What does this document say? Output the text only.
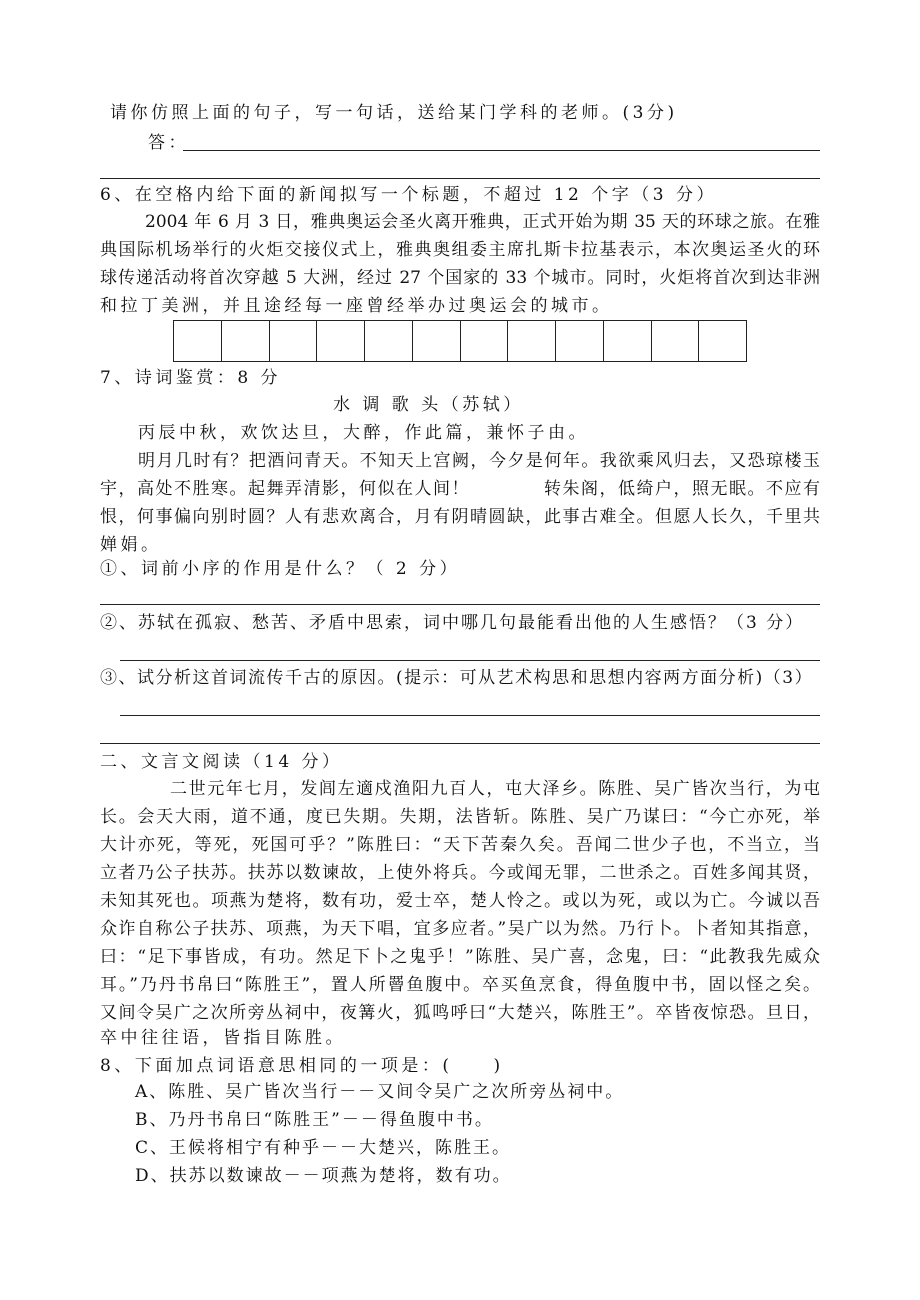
请你仿照上面的句子，写一句话，送给某门学科的老师。(3分)
答：
6、在空格内给下面的新闻拟写一个标题，不超过 12 个字（3 分）
2004 年 6 月 3 日，雅典奥运会圣火离开雅典，正式开始为期 35 天的环球之旅。在雅
典国际机场举行的火炬交接仪式上，雅典奥组委主席扎斯卡拉基表示，本次奥运圣火的环
球传递活动将首次穿越 5 大洲，经过 27 个国家的 33 个城市。同时，火炬将首次到达非洲
和拉丁美洲，并且途经每一座曾经举办过奥运会的城市。
7、诗词鉴赏：8 分
水 调 歌 头（苏轼）
丙辰中秋，欢饮达旦，大醉，作此篇，兼怀子由。
明月几时有？把酒问青天。不知天上宫阙，今夕是何年。我欲乘风归去，又恐琼楼玉
宇，高处不胜寒。起舞弄清影，何似在人间！　　　　转朱阁，低绮户，照无眠。不应有
恨，何事偏向别时圆？人有悲欢离合，月有阴晴圆缺，此事古难全。但愿人长久，千里共
婵娟。
①、词前小序的作用是什么？（ 2 分）
②、苏轼在孤寂、愁苦、矛盾中思索，词中哪几句最能看出他的人生感悟？（3 分）
③、试分析这首词流传千古的原因。(提示：可从艺术构思和思想内容两方面分析)（3）
二、文言文阅读（14 分）
二世元年七月，发闾左適戍渔阳九百人，屯大泽乡。陈胜、吴广皆次当行，为屯
长。会天大雨，道不通，度已失期。失期，法皆斩。陈胜、吴广乃谋曰：“今亡亦死，举
大计亦死，等死，死国可乎？”陈胜曰：“天下苦秦久矣。吾闻二世少子也，不当立，当
立者乃公子扶苏。扶苏以数谏故，上使外将兵。今或闻无罪，二世杀之。百姓多闻其贤，
未知其死也。项燕为楚将，数有功，爱士卒，楚人怜之。或以为死，或以为亡。今诚以吾
众诈自称公子扶苏、项燕，为天下唱，宜多应者。”吴广以为然。乃行卜。卜者知其指意，
曰：“足下事皆成，有功。然足下卜之鬼乎！”陈胜、吴广喜，念鬼，曰：“此教我先威众
耳。”乃丹书帛曰“陈胜王”，置人所罾鱼腹中。卒买鱼烹食，得鱼腹中书，固以怪之矣。
又间令吴广之次所旁丛祠中，夜篝火，狐鸣呼曰“大楚兴，陈胜王”。卒皆夜惊恐。旦日，
卒中往往语，皆指目陈胜。
8、下面加点词语意思相同的一项是：(　　)
A、陈胜、吴广皆次当行－－又间令吴广之次所旁丛祠中。
B、乃丹书帛曰“陈胜王”－－得鱼腹中书。
C、王候将相宁有种乎－－大楚兴，陈胜王。
D、扶苏以数谏故－－项燕为楚将，数有功。
